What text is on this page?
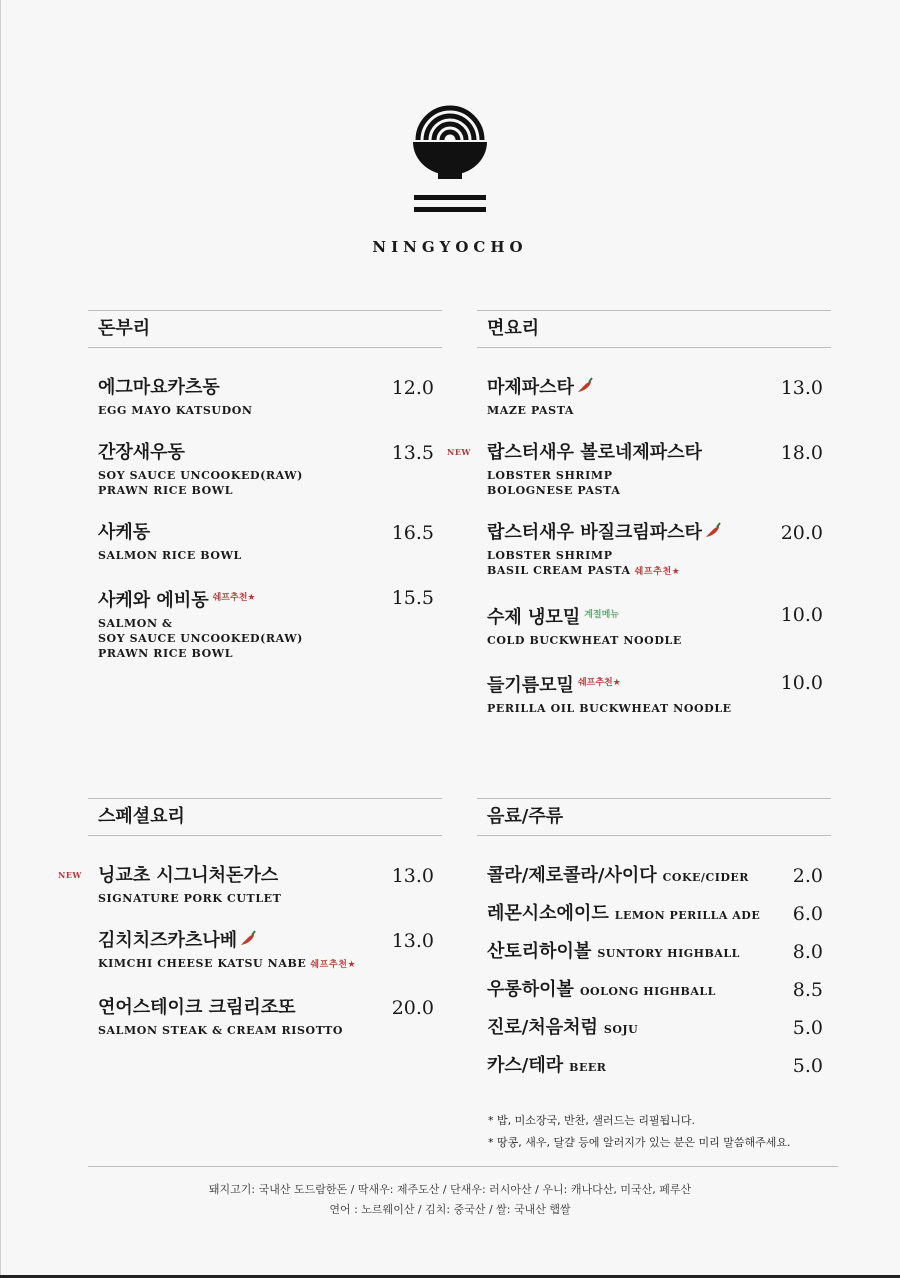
NINGYOCHO
돈부리
에그마요카츠동
EGG MAYO KATSUDON
12.0
간장새우동
SOY SAUCE UNCOOKED(RAW)
PRAWN RICE BOWL
13.5
사케동
SALMON RICE BOWL
16.5
사케와 에비동 $^{쉐프추천★}$
SALMON &
SOY SAUCE UNCOOKED(RAW)
PRAWN RICE BOWL
15.5
면요리
마제파스타
MAZE PASTA
13.0
NEW 랍스터새우 볼로네제파스타
LOBSTER SHRIMP
BOLOGNESE PASTA
18.0
랍스터새우 바질크림파스타
LOBSTER SHRIMP
BASIL CREAM PASTA 쉐프추천★
20.0
수제 냉모밀 $^{계절메뉴}$
COLD BUCKWHEAT NOODLE
10.0
들기름모밀 $^{쉐프추천★}$
PERILLA OIL BUCKWHEAT NOODLE
10.0
스페셜요리
NEW 닝교초 시그니처돈가스
SIGNATURE PORK CUTLET
13.0
김치치즈카츠나베
KIMCHI CHEESE KATSU NABE 쉐프추천★
13.0
연어스테이크 크림리조또
SALMON STEAK & CREAM RISOTTO
20.0
음료/주류
콜라/제로콜라/사이다 COKE/CIDER	2.0
레몬시소에이드 LEMON PERILLA ADE	6.0
산토리하이볼 SUNTORY HIGHBALL	8.0
우롱하이볼 OOLONG HIGHBALL	8.5
진로/처음처럼 SOJU	5.0
카스/테라 BEER	5.0
* 밥, 미소장국, 반찬, 샐러드는 리필됩니다.
* 땅콩, 새우, 달걀 등에 알러지가 있는 분은 미리 말씀해주세요.
돼지고기: 국내산 도드람한돈 / 딱새우: 제주도산 / 단새우: 러시아산 / 우니: 캐나다산, 미국산, 페루산
연어 : 노르웨이산 / 김치: 중국산 / 쌀: 국내산 햅쌀
